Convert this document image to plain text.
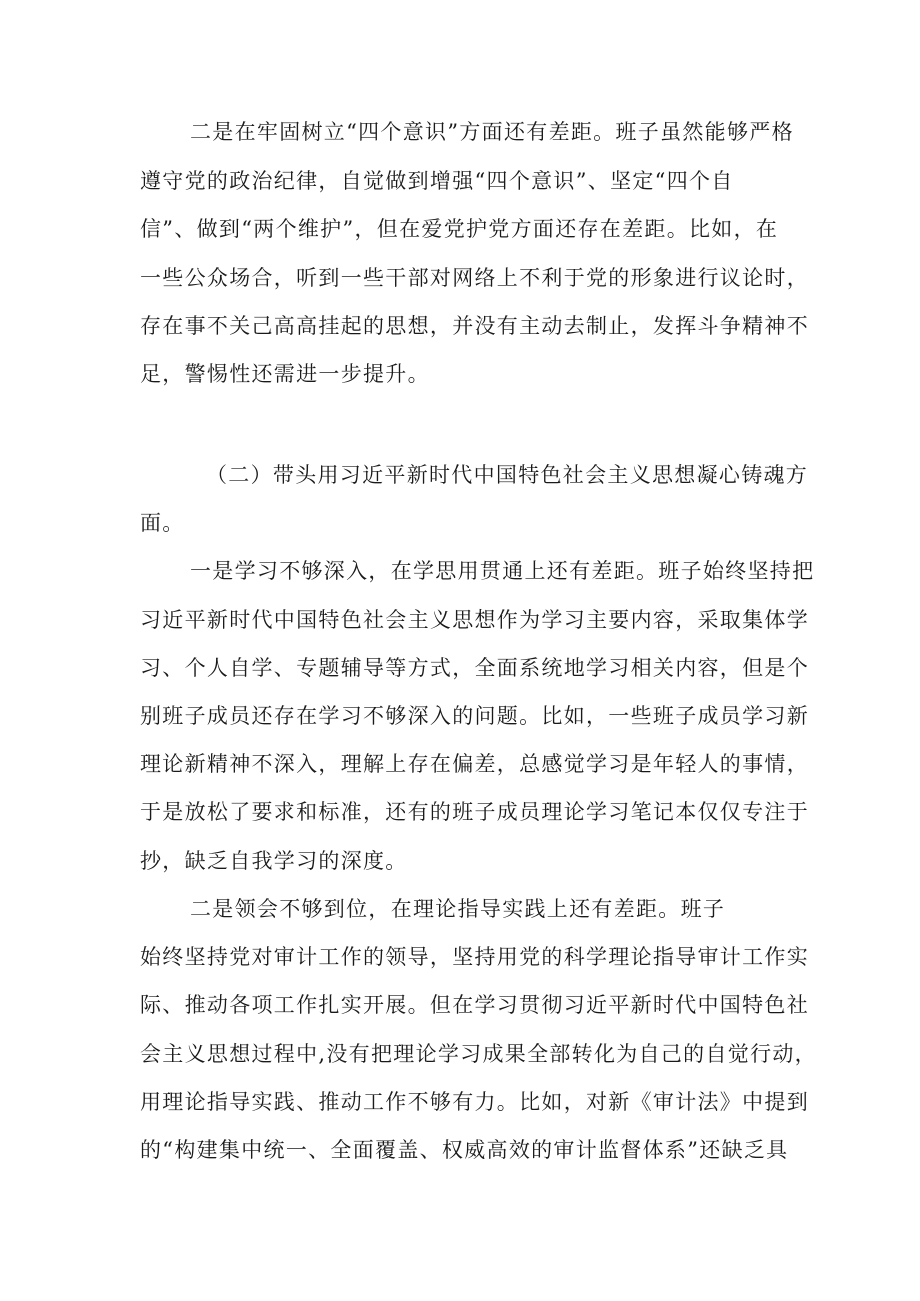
二是在牢固树立“四个意识”方面还有差距。班子虽然能够严格
遵守党的政治纪律，自觉做到增强“四个意识”、坚定“四个自
信”、做到“两个维护”，但在爱党护党方面还存在差距。比如，在
一些公众场合，听到一些干部对网络上不利于党的形象进行议论时，
存在事不关己高高挂起的思想，并没有主动去制止，发挥斗争精神不
足，警惕性还需进一步提升。
（二）带头用习近平新时代中国特色社会主义思想凝心铸魂方
面。
一是学习不够深入，在学思用贯通上还有差距。班子始终坚持把
习近平新时代中国特色社会主义思想作为学习主要内容，采取集体学
习、个人自学、专题辅导等方式，全面系统地学习相关内容，但是个
别班子成员还存在学习不够深入的问题。比如，一些班子成员学习新
理论新精神不深入，理解上存在偏差，总感觉学习是年轻人的事情，
于是放松了要求和标准，还有的班子成员理论学习笔记本仅仅专注于
抄，缺乏自我学习的深度。
二是领会不够到位，在理论指导实践上还有差距。班子
始终坚持党对审计工作的领导，坚持用党的科学理论指导审计工作实
际、推动各项工作扎实开展。但在学习贯彻习近平新时代中国特色社
会主义思想过程中,没有把理论学习成果全部转化为自己的自觉行动，
用理论指导实践、推动工作不够有力。比如，对新《审计法》中提到
的“构建集中统一、全面覆盖、权威高效的审计监督体系”还缺乏具
